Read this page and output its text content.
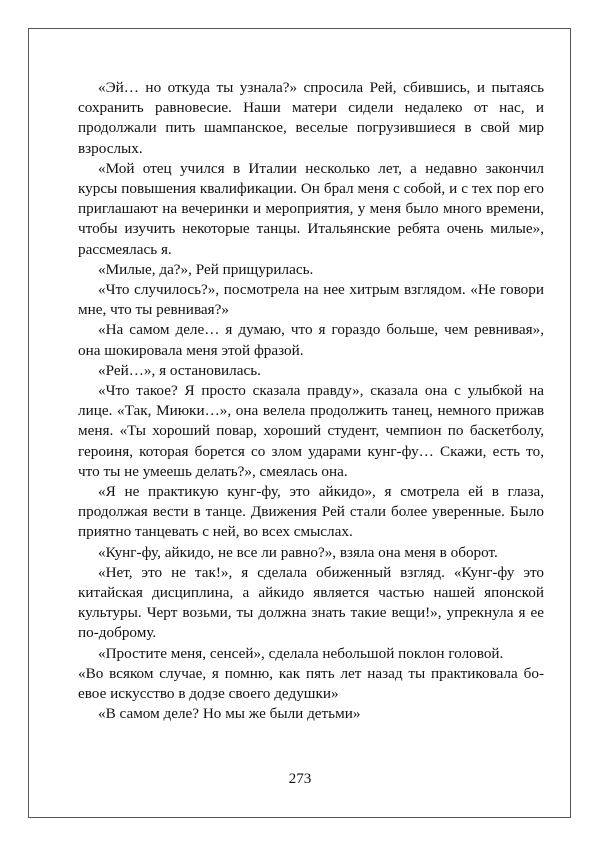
«Эй… но откуда ты узнала?» спросила Рей, сбившись, и пытаясь сохранить равновесие. Наши матери сидели недалеко от нас, и продолжали пить шампанское, веселые погрузившиеся в свой мир взрослых.

«Мой отец учился в Италии несколько лет, а недавно закончил курсы повышения квалификации. Он брал меня с собой, и с тех пор его приглашают на вечеринки и мероприятия, у меня было много времени, чтобы изучить некоторые танцы. Итальянские ребята очень милые», рассмеялась я.

«Милые, да?», Рей прищурилась.

«Что случилось?», посмотрела на нее хитрым взглядом. «Не говори мне, что ты ревнивая?»

«На самом деле… я думаю, что я гораздо больше, чем ревнивая», она шокировала меня этой фразой.

«Рей…», я остановилась.

«Что такое? Я просто сказала правду», сказала она с улыбкой на лице. «Так, Миюки…», она велела продолжить танец, немного прижав меня. «Ты хороший повар, хороший студент, чемпион по баскетболу, героиня, которая борется со злом ударами кунг-фу… Скажи, есть то, что ты не умеешь делать?», смеялась она.

«Я не практикую кунг-фу, это айкидо», я смотрела ей в глаза, продолжая вести в танце. Движения Рей стали более уверенные. Было приятно танцевать с ней, во всех смыслах.

«Кунг-фу, айкидо, не все ли равно?», взяла она меня в оборот.

«Нет, это не так!», я сделала обиженный взгляд. «Кунг-фу это китайская дисциплина, а айкидо является частью нашей японской культуры. Черт возьми, ты должна знать такие вещи!», упрекнула я ее по-доброму.

«Простите меня, сенсей», сделала небольшой поклон головой.

«Во всяком случае, я помню, как пять лет назад ты практиковала боевое искусство в додзе своего дедушки»

«В самом деле? Но мы же были детьми»

273
